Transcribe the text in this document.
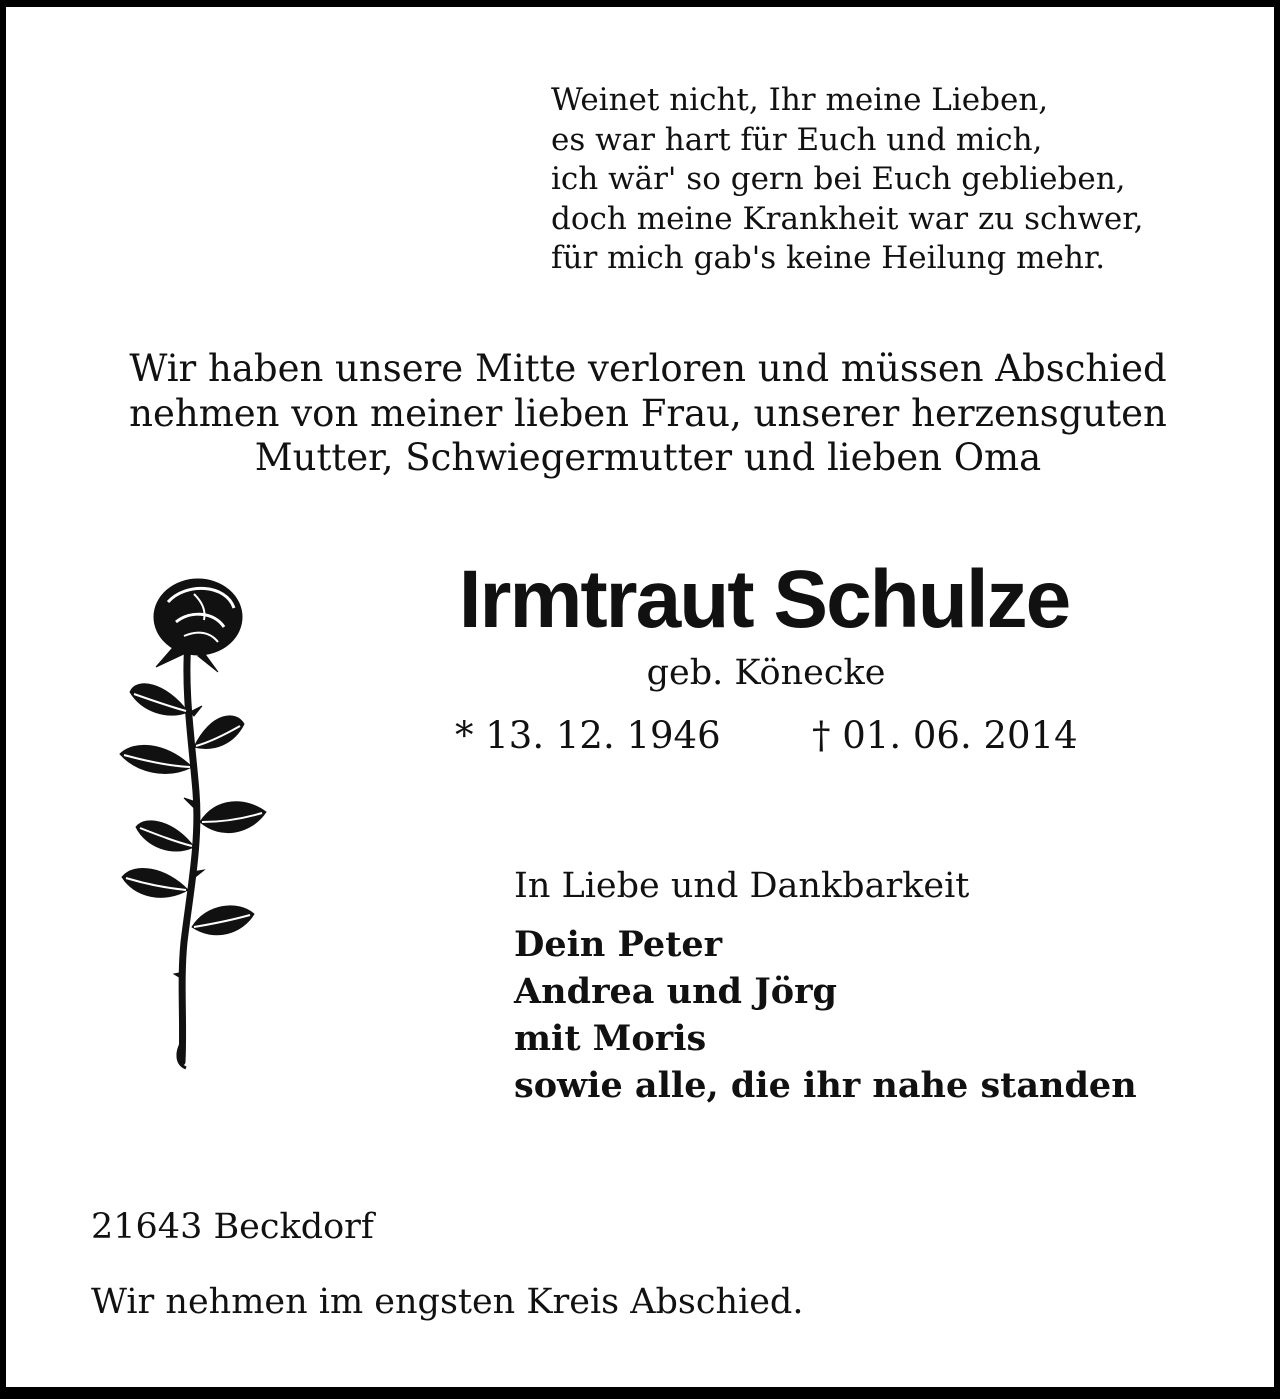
Weinet nicht, Ihr meine Lieben,
es war hart für Euch und mich,
ich wär' so gern bei Euch geblieben,
doch meine Krankheit war zu schwer,
für mich gab's keine Heilung mehr.
Wir haben unsere Mitte verloren und müssen Abschied
nehmen von meiner lieben Frau, unserer herzensguten
Mutter, Schwiegermutter und lieben Oma
Irmtraut Schulze
geb. Könecke
* 13. 12. 1946 † 01. 06. 2014
In Liebe und Dankbarkeit
Dein Peter
Andrea und Jörg
mit Moris
sowie alle, die ihr nahe standen
21643 Beckdorf
Wir nehmen im engsten Kreis Abschied.
